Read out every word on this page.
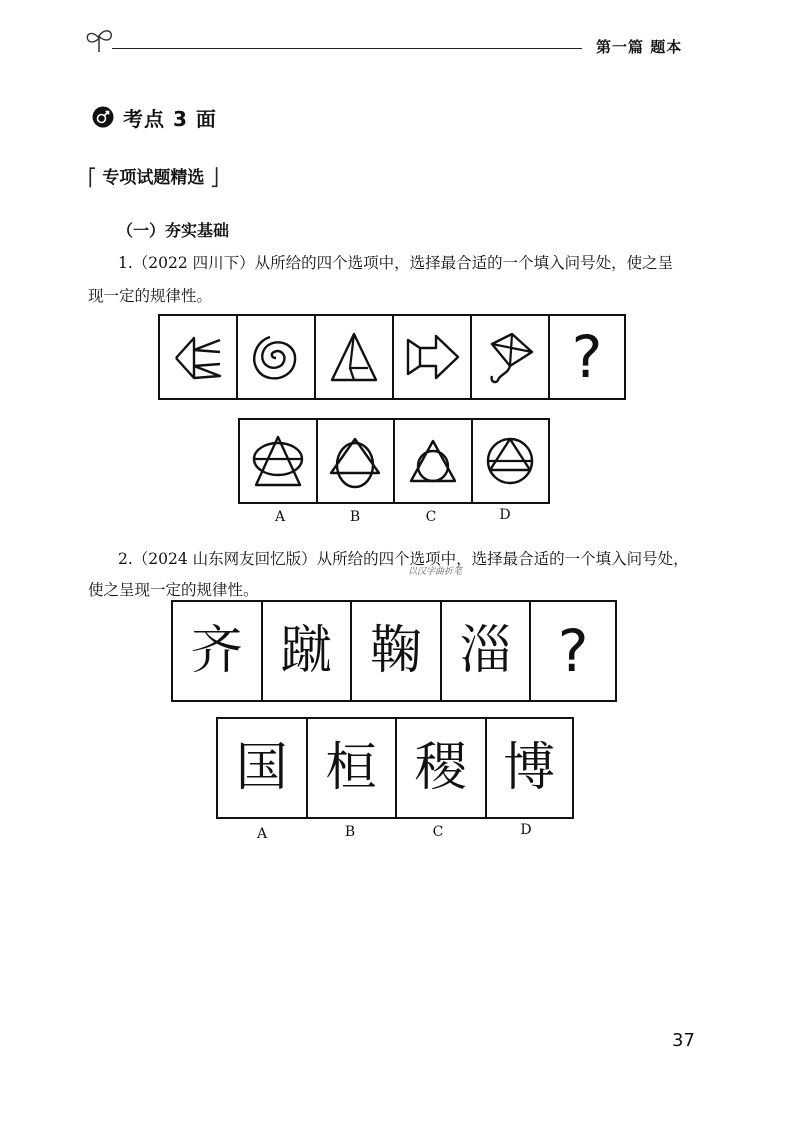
第一篇 题本
考点 3 面
⎡ 专项试题精选 ⎦
（一）夯实基础
1.（2022 四川下）从所给的四个选项中，选择最合适的一个填入问号处，使之呈
现一定的规律性。
?
A	B	C	D
2.（2024 山东网友回忆版）从所给的四个选项中，选择最合适的一个填入问号处，
使之呈现一定的规律性。
以汉字曲折笔
齐 蹴 鞠 淄 ?
国 桓 稷 博
A	B	C	D
37
